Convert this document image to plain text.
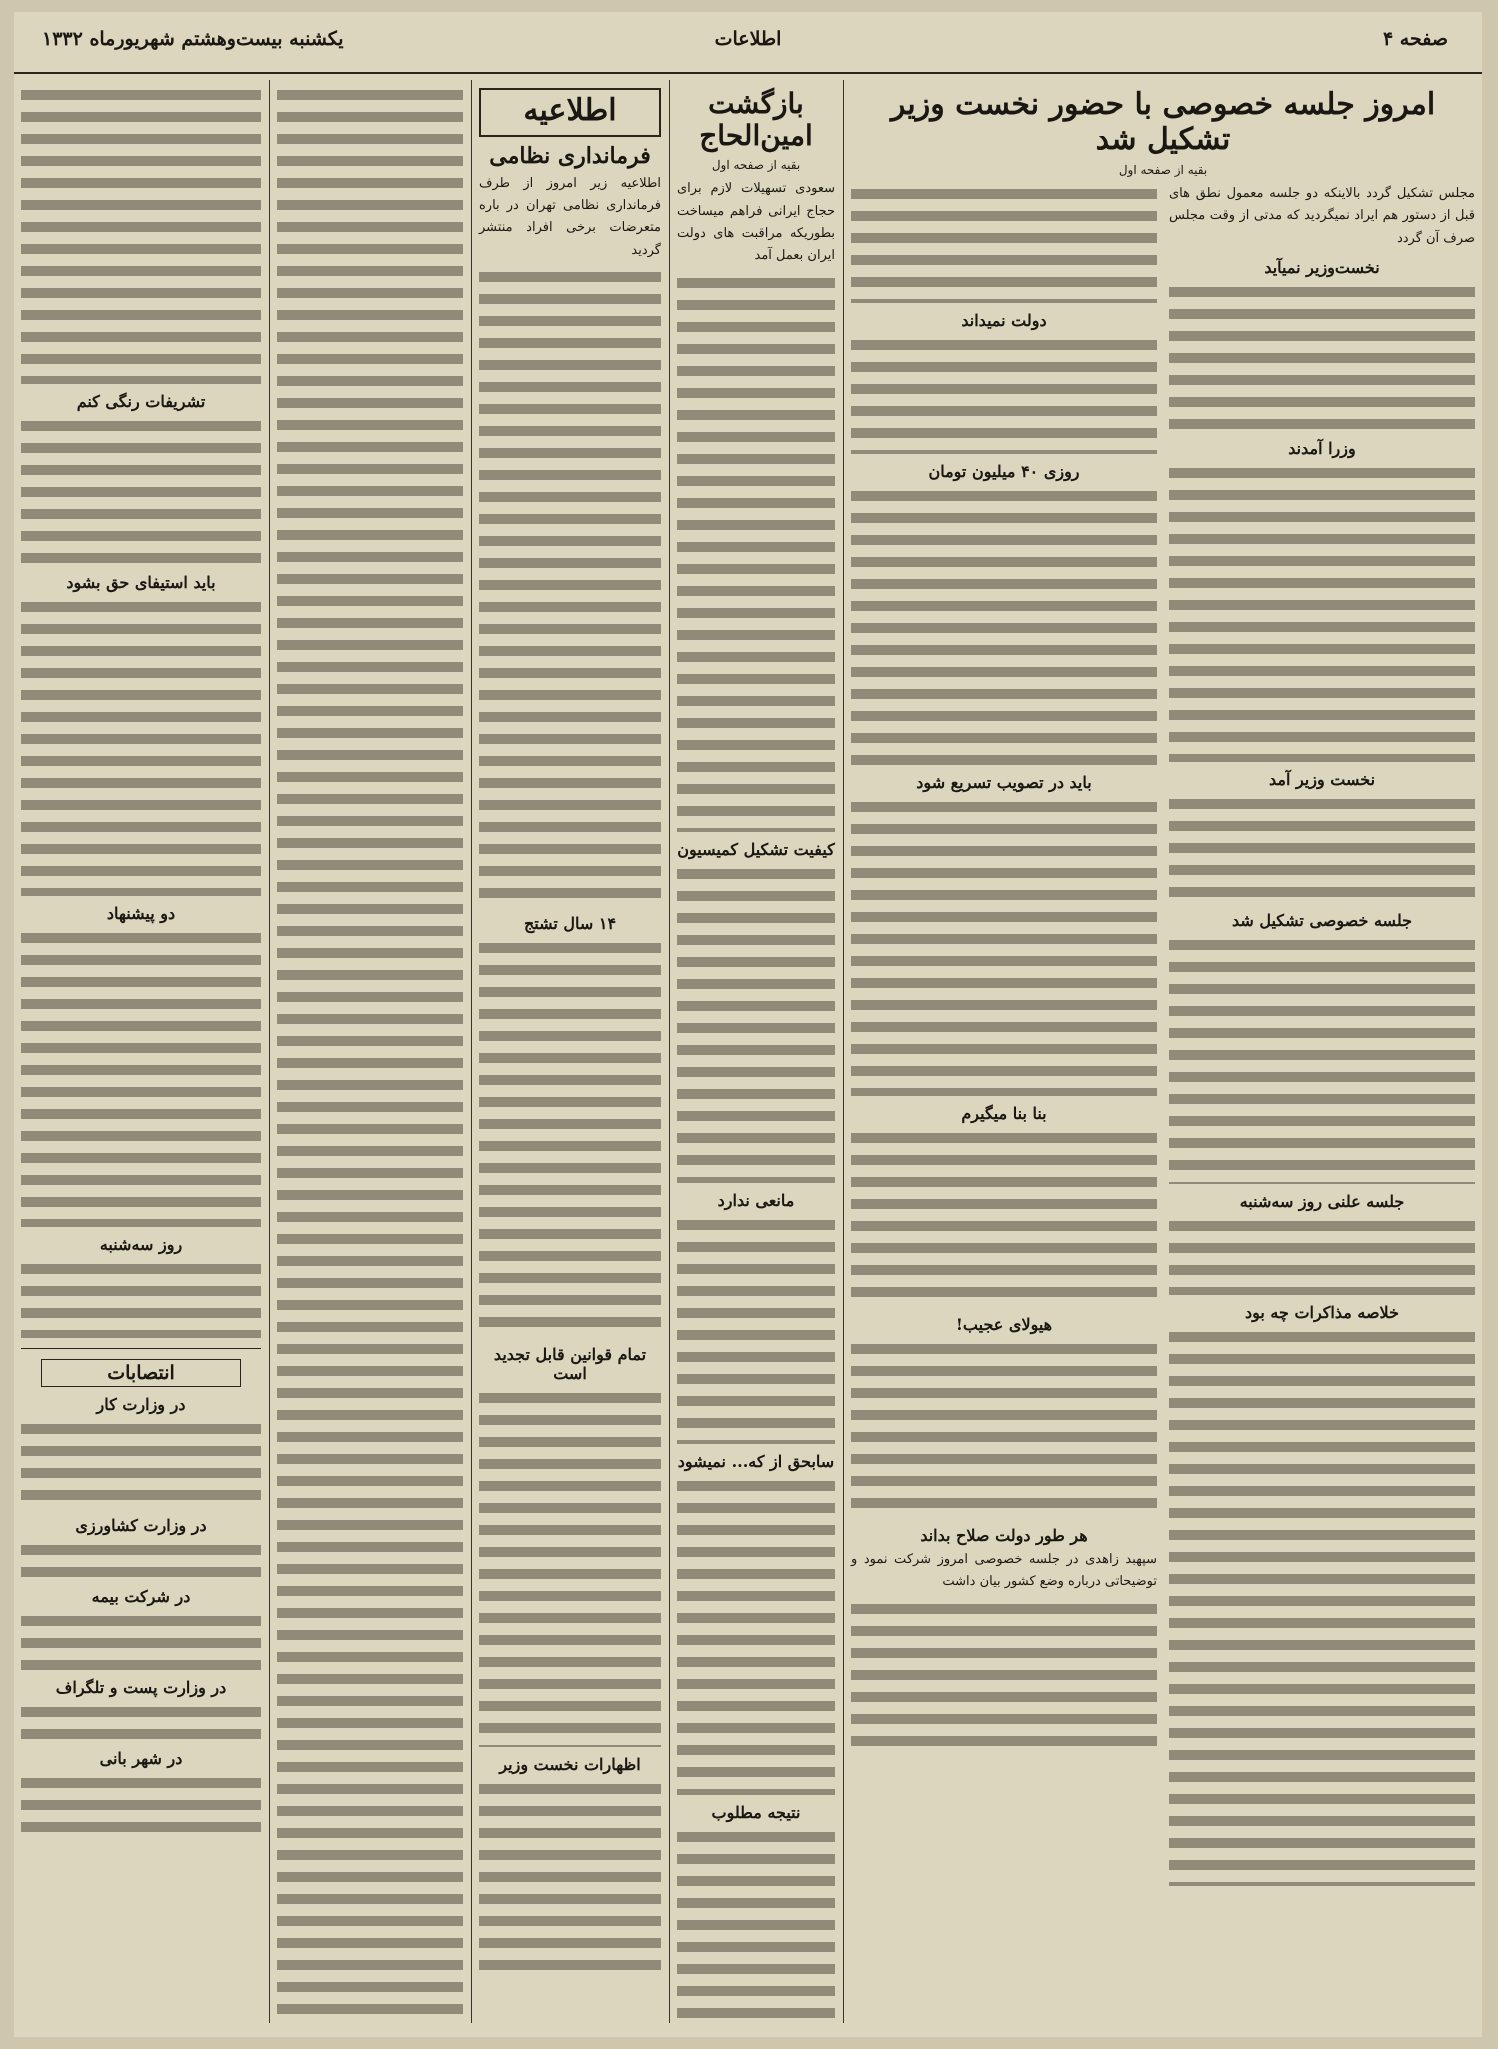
صفحه ۴
اطلاعات
یکشنبه بیست‌وهشتم شهریورماه ۱۳۳۲
امروز جلسه خصوصی با حضور نخست وزیر تشکیل شد
بقیه از صفحه اول

مجلس تشکیل گردد بالاینکه دو جلسه معمول نطق های قبل از دستور هم ایراد نمیگردید که مدتی از وقت مجلس صرف آن گردد

نخست‌وزیر نمیآید
وزرا آمدند
نخست وزیر آمد
جلسه خصوصی تشکیل شد
جلسه علنی روز سه‌شنبه
خلاصه مذاکرات چه بود
دولت نمیداند
روزی ۴۰ میلیون تومان
باید در تصویب تسریع شود
بنا بنا میگیرم
هیولای عجیب!
هر طور دولت صلاح بداند

سپهبد زاهدی در جلسه خصوصی امروز شرکت نمود و توضیحاتی درباره وضع کشور بیان داشت

بازگشت امین‌الحاج
بقیه از صفحه اول

سعودی تسهیلات لازم برای حجاج ایرانی فراهم میساخت بطوریکه مراقبت های دولت ایران بعمل آمد

کیفیت تشکیل کمیسیون
مانعی ندارد
سابحق از که... نمیشود
نتیجه مطلوب
اطلاعیه
فرمانداری نظامی

اطلاعیه زیر امروز از طرف فرمانداری نظامی تهران در باره متعرضات برخی افراد منتشر گردید

۱۴ سال تشتج
تمام قوانین قابل تجدید است
اظهارات نخست وزیر
تشریفات رنگی کنم
باید استیفای حق بشود
دو پیشنهاد
روز سه‌شنبه
انتصابات
در وزارت کار
در وزارت کشاورزی
در شرکت بیمه
در وزارت پست و تلگراف
در شهر بانی
